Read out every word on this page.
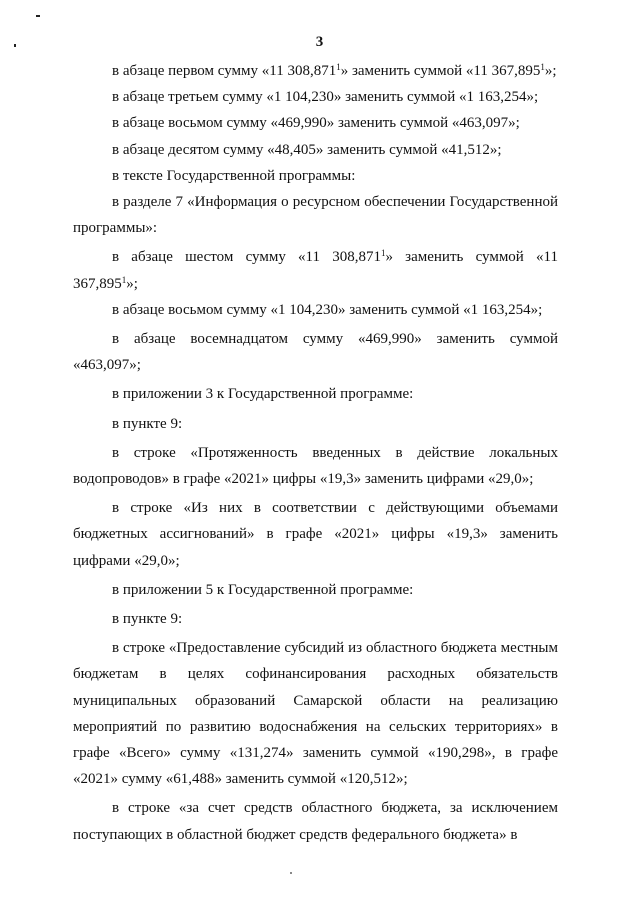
3

в абзаце первом сумму «11 308,871$^1$» заменить суммой «11 367,895$^1$»;

в абзаце третьем сумму «1 104,230» заменить суммой «1 163,254»;

в абзаце восьмом сумму «469,990» заменить суммой «463,097»;

в абзаце десятом сумму «48,405» заменить суммой «41,512»;

в тексте Государственной программы:

в разделе 7 «Информация о ресурсном обеспечении Государственной программы»:

в абзаце шестом сумму «11 308,871$^1$» заменить суммой «11 367,895$^1$»;

в абзаце восьмом сумму «1 104,230» заменить суммой «1 163,254»;

в абзаце восемнадцатом сумму «469,990» заменить суммой «463,097»;

в приложении 3 к Государственной программе:

в пункте 9:

в строке «Протяженность введенных в действие локальных водопроводов» в графе «2021» цифры «19,3» заменить цифрами «29,0»;

в строке «Из них в соответствии с действующими объемами бюджетных ассигнований» в графе «2021» цифры «19,3» заменить цифрами «29,0»;

в приложении 5 к Государственной программе:

в пункте 9:

в строке «Предоставление субсидий из областного бюджета местным бюджетам в целях софинансирования расходных обязательств муниципальных образований Самарской области на реализацию мероприятий по развитию водоснабжения на сельских территориях» в графе «Всего» сумму «131,274» заменить суммой «190,298», в графе «2021» сумму «61,488» заменить суммой «120,512»;

в строке «за счет средств областного бюджета, за исключением поступающих в областной бюджет средств федерального бюджета» в
